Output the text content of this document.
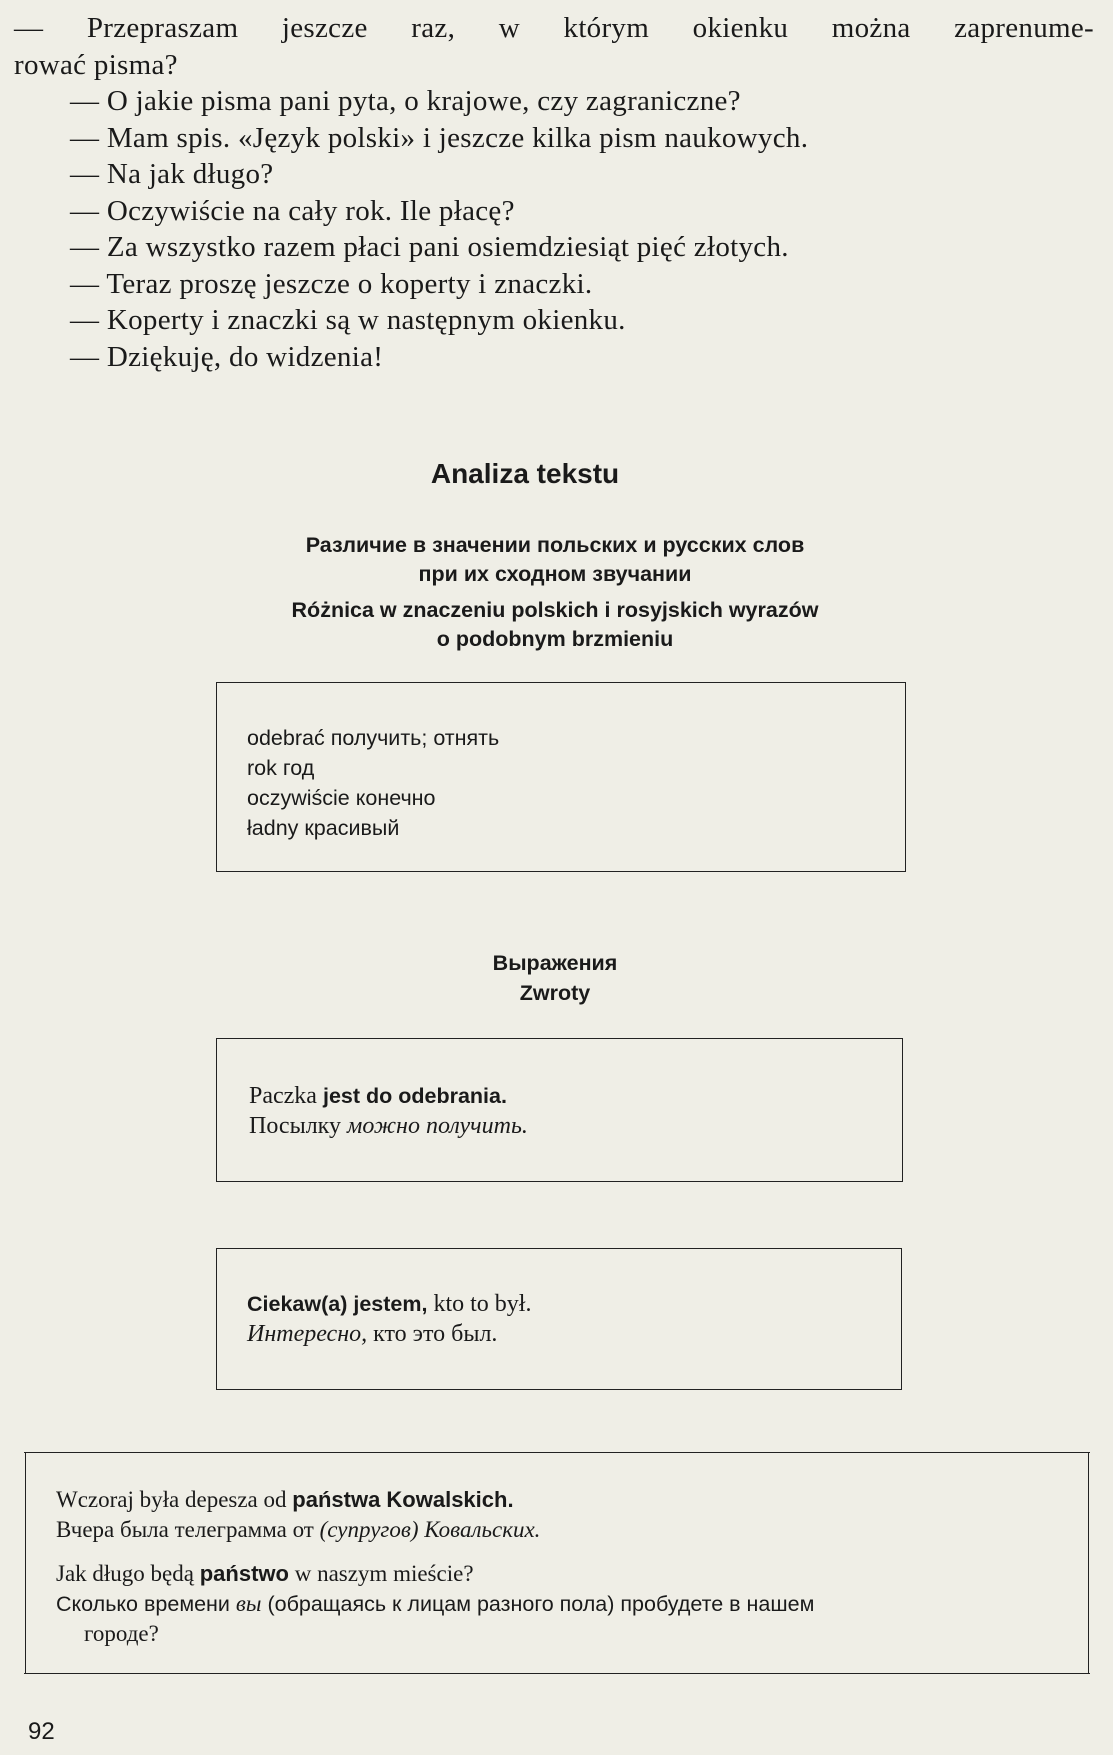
— Przepraszam jeszcze raz, w którym okienku można zaprenume-
rować pisma?
— O jakie pisma pani pyta, o krajowe, czy zagraniczne?
— Mam spis. «Język polski» i jeszcze kilka pism naukowych.
— Na jak długo?
— Oczywiście na cały rok. Ile płacę?
— Za wszystko razem płaci pani osiemdziesiąt pięć złotych.
— Teraz proszę jeszcze o koperty i znaczki.
— Koperty i znaczki są w następnym okienku.
— Dziękuję, do widzenia!
Analiza tekstu
Различие в значении польских и русских слов
при их сходном звучании
Różnica w znaczeniu polskich i rosyjskich wyrazów
o podobnym brzmieniu
odebrać получить; отнять
rok год
oczywiście конечно
ładny красивый
Выражения
Zwroty
Paczka jest do odebrania.
Посылку можно получить.
Ciekaw(a) jestem, kto to był.
Интересно, кто это был.
Wczoraj była depesza od państwa Kowalskich.
Вчера была телеграмма от (супругов) Ковальских.
Jak długo będą państwo w naszym mieście?
Сколько времени вы (обращаясь к лицам разного пола) пробудете в нашем
городе?
92
